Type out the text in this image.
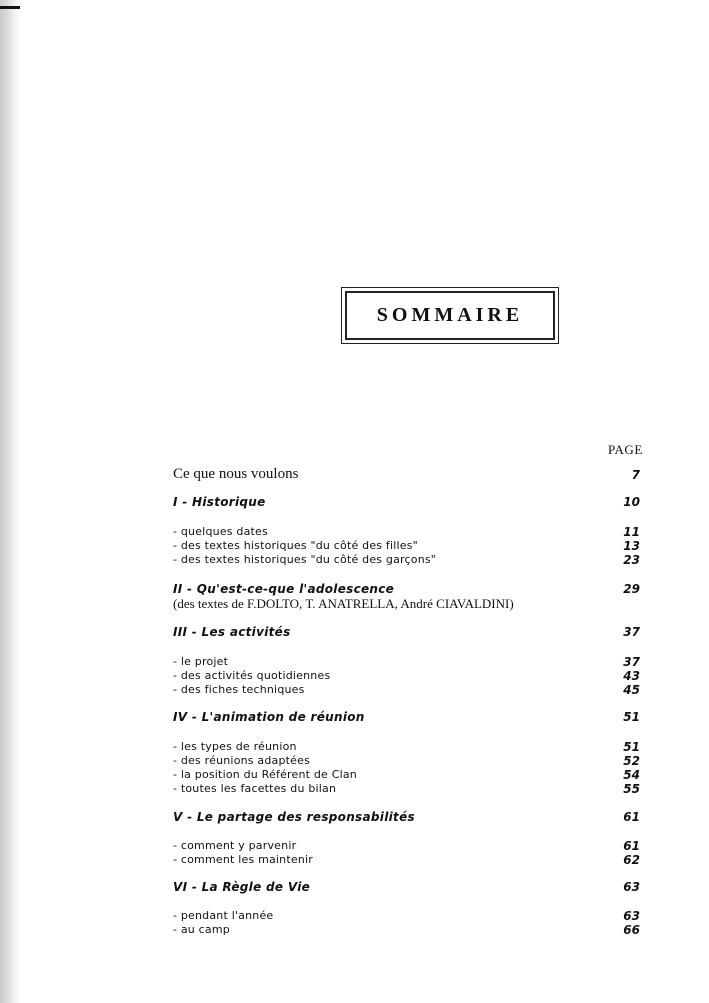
SOMMAIRE
PAGE
Ce que nous voulons	7
I - Historique	10
- quelques dates	11
- des textes historiques "du côté des filles"	13
- des textes historiques "du côté des garçons"	23
II - Qu'est-ce-que l'adolescence	29
(des textes de F.DOLTO, T. ANATRELLA, André CIAVALDINI)
III - Les activités	37
- le projet	37
- des activités quotidiennes	43
- des fiches techniques	45
IV - L'animation de réunion	51
- les types de réunion	51
- des réunions adaptées	52
- la position du Référent de Clan	54
- toutes les facettes du bilan	55
V - Le partage des responsabilités	61
- comment y parvenir	61
- comment les maintenir	62
VI - La Règle de Vie	63
- pendant l'année	63
- au camp	66
